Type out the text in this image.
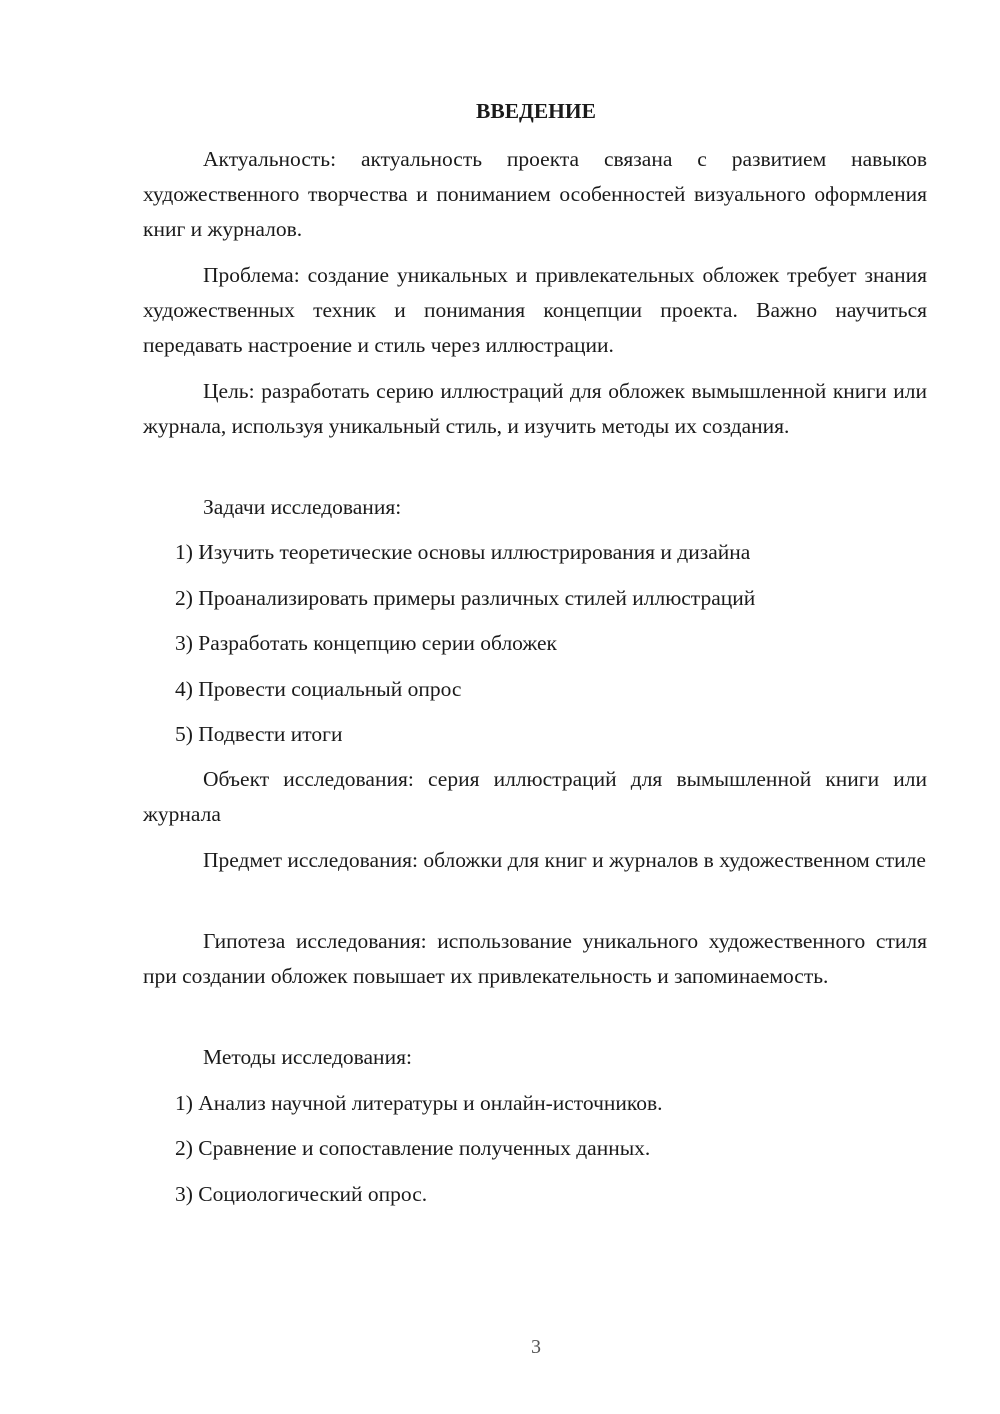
ВВЕДЕНИЕ
Актуальность: актуальность проекта связана с развитием навыков художественного творчества и пониманием особенностей визуального оформления книг и журналов.
Проблема: создание уникальных и привлекательных обложек требует знания художественных техник и понимания концепции проекта. Важно научиться передавать настроение и стиль через иллюстрации.
Цель: разработать серию иллюстраций для обложек вымышленной книги или журнала, используя уникальный стиль, и изучить методы их создания.
Задачи исследования:
1) Изучить теоретические основы иллюстрирования и дизайна
2) Проанализировать примеры различных стилей иллюстраций
3) Разработать концепцию серии обложек
4) Провести социальный опрос
5) Подвести итоги
Объект исследования: серия иллюстраций для вымышленной книги или журнала
Предмет исследования: обложки для книг и журналов в художественном стиле
Гипотеза исследования: использование уникального художественного стиля при создании обложек повышает их привлекательность и запоминаемость.
Методы исследования:
1) Анализ научной литературы и онлайн-источников.
2) Сравнение и сопоставление полученных данных.
3) Социологический опрос.
3
